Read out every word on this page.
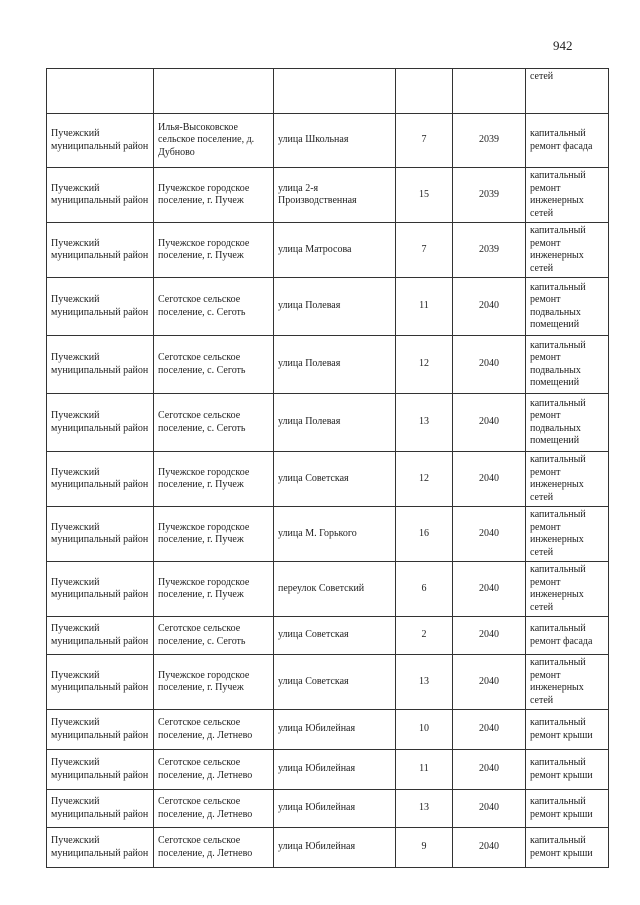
942
					сетей
Пучежский муниципальный район	Илья-Высоковское сельское поселение, д. Дубново	улица Школьная	7	2039	капитальный ремонт фасада
Пучежский муниципальный район	Пучежское городское поселение, г. Пучеж	улица 2-я Производственная	15	2039	капитальный ремонт инженерных сетей
Пучежский муниципальный район	Пучежское городское поселение, г. Пучеж	улица Матросова	7	2039	капитальный ремонт инженерных сетей
Пучежский муниципальный район	Сеготское сельское поселение, с. Сеготь	улица Полевая	11	2040	капитальный ремонт подвальных помещений
Пучежский муниципальный район	Сеготское сельское поселение, с. Сеготь	улица Полевая	12	2040	капитальный ремонт подвальных помещений
Пучежский муниципальный район	Сеготское сельское поселение, с. Сеготь	улица Полевая	13	2040	капитальный ремонт подвальных помещений
Пучежский муниципальный район	Пучежское городское поселение, г. Пучеж	улица Советская	12	2040	капитальный ремонт инженерных сетей
Пучежский муниципальный район	Пучежское городское поселение, г. Пучеж	улица М. Горького	16	2040	капитальный ремонт инженерных сетей
Пучежский муниципальный район	Пучежское городское поселение, г. Пучеж	переулок Советский	6	2040	капитальный ремонт инженерных сетей
Пучежский муниципальный район	Сеготское сельское поселение, с. Сеготь	улица Советская	2	2040	капитальный ремонт фасада
Пучежский муниципальный район	Пучежское городское поселение, г. Пучеж	улица Советская	13	2040	капитальный ремонт инженерных сетей
Пучежский муниципальный район	Сеготское сельское поселение, д. Летнево	улица Юбилейная	10	2040	капитальный ремонт крыши
Пучежский муниципальный район	Сеготское сельское поселение, д. Летнево	улица Юбилейная	11	2040	капитальный ремонт крыши
Пучежский муниципальный район	Сеготское сельское поселение, д. Летнево	улица Юбилейная	13	2040	капитальный ремонт крыши
Пучежский муниципальный район	Сеготское сельское поселение, д. Летнево	улица Юбилейная	9	2040	капитальный ремонт крыши
